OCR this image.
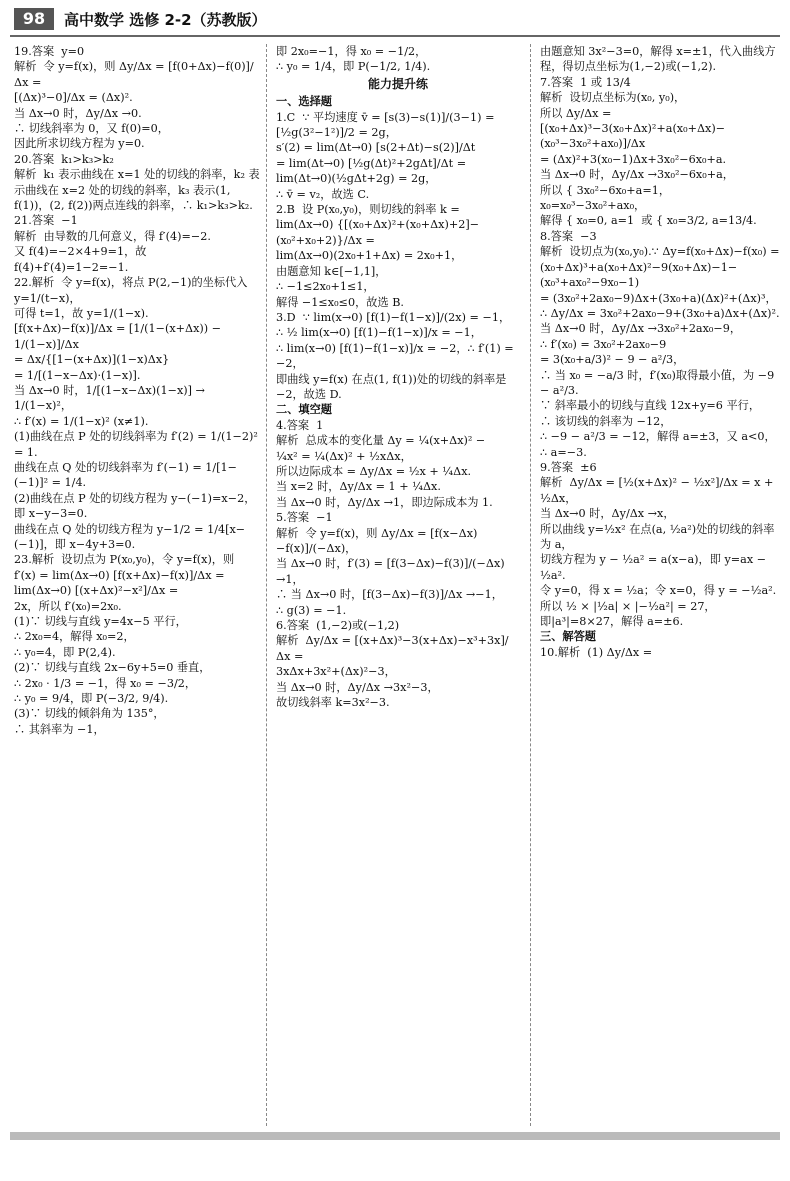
98	高中数学 选修 2-2（苏教版）
19.答案  y=0
解析  令 y=f(x)，则 Δy/Δx = [f(0+Δx)−f(0)]/Δx =
[(Δx)³−0]/Δx = (Δx)².
当 Δx→0 时，Δy/Δx →0.
∴ 切线斜率为 0，又 f(0)=0，
因此所求切线方程为 y=0.
20.答案  k₁>k₃>k₂
解析  k₁ 表示曲线在 x=1 处的切线的斜率，k₂ 表示曲线在 x=2 处的切线的斜率，k₃ 表示(1, f(1))，(2, f(2))两点连线的斜率，∴ k₁>k₃>k₂.
21.答案  −1
解析  由导数的几何意义，得 f′(4)=−2.
又 f(4)=−2×4+9=1，故 f(4)+f′(4)=1−2=−1.
22.解析  令 y=f(x)，将点 P(2,−1)的坐标代入 y=1/(t−x)，
可得 t=1，故 y=1/(1−x).
[f(x+Δx)−f(x)]/Δx = [1/(1−(x+Δx)) − 1/(1−x)]/Δx
= Δx/{[1−(x+Δx)](1−x)Δx}
= 1/[(1−x−Δx)·(1−x)].
当 Δx→0 时，1/[(1−x−Δx)(1−x)] → 1/(1−x)²，
∴ f′(x) = 1/(1−x)² (x≠1).
(1)曲线在点 P 处的切线斜率为 f′(2) = 1/(1−2)² = 1.
曲线在点 Q 处的切线斜率为 f′(−1) = 1/[1−(−1)]² = 1/4.
(2)曲线在点 P 处的切线方程为 y−(−1)=x−2，即 x−y−3=0.
曲线在点 Q 处的切线方程为 y−1/2 = 1/4[x−(−1)]，即 x−4y+3=0.
23.解析  设切点为 P(x₀,y₀)，令 y=f(x)，则
f′(x) = lim(Δx→0) [f(x+Δx)−f(x)]/Δx = lim(Δx→0) [(x+Δx)²−x²]/Δx =
2x，所以 f′(x₀)=2x₀.
(1)∵ 切线与直线 y=4x−5 平行，
∴ 2x₀=4，解得 x₀=2，
∴ y₀=4，即 P(2,4).
(2)∵ 切线与直线 2x−6y+5=0 垂直，
∴ 2x₀ · 1/3 = −1，得 x₀ = −3/2，
∴ y₀ = 9/4，即 P(−3/2, 9/4).
(3)∵ 切线的倾斜角为 135°，
∴ 其斜率为 −1，
即 2x₀=−1，得 x₀ = −1/2，
∴ y₀ = 1/4，即 P(−1/2, 1/4).
能力提升练
一、选择题
1.C  ∵ 平均速度 v̄ = [s(3)−s(1)]/(3−1) =
[½g(3²−1²)]/2 = 2g，
s′(2) = lim(Δt→0) [s(2+Δt)−s(2)]/Δt
= lim(Δt→0) [½g(Δt)²+2gΔt]/Δt = lim(Δt→0)(½gΔt+2g) = 2g，
∴ v̄ = v₂，故选 C.
2.B  设 P(x₀,y₀)，则切线的斜率 k =
lim(Δx→0) {[(x₀+Δx)²+(x₀+Δx)+2]−(x₀²+x₀+2)}/Δx =
lim(Δx→0)(2x₀+1+Δx) = 2x₀+1，
由题意知 k∈[−1,1]，
∴ −1≤2x₀+1≤1，
解得 −1≤x₀≤0，故选 B.
3.D  ∵ lim(x→0) [f(1)−f(1−x)]/(2x) = −1，
∴ ½ lim(x→0) [f(1)−f(1−x)]/x = −1，
∴ lim(x→0) [f(1)−f(1−x)]/x = −2，∴ f′(1) = −2，
即曲线 y=f(x) 在点(1, f(1))处的切线的斜率是 −2，故选 D.
二、填空题
4.答案  1
解析  总成本的变化量 Δy = ¼(x+Δx)² −
¼x² = ¼(Δx)² + ½xΔx，
所以边际成本 = Δy/Δx = ½x + ¼Δx.
当 x=2 时，Δy/Δx = 1 + ¼Δx.
当 Δx→0 时，Δy/Δx →1，即边际成本为 1.
5.答案  −1
解析  令 y=f(x)，则 Δy/Δx = [f(x−Δx)−f(x)]/(−Δx)，
当 Δx→0 时，f′(3) = [f(3−Δx)−f(3)]/(−Δx) →1，
∴ 当 Δx→0 时，[f(3−Δx)−f(3)]/Δx →−1，
∴ g(3) = −1.
6.答案  (1,−2)或(−1,2)
解析  Δy/Δx = [(x+Δx)³−3(x+Δx)−x³+3x]/Δx =
3xΔx+3x²+(Δx)²−3，
当 Δx→0 时，Δy/Δx →3x²−3，
故切线斜率 k=3x²−3.
由题意知 3x²−3=0，解得 x=±1，代入曲线方程，得切点坐标为(1,−2)或(−1,2).
7.答案  1 或 13/4
解析  设切点坐标为(x₀, y₀)，
所以 Δy/Δx =
[(x₀+Δx)³−3(x₀+Δx)²+a(x₀+Δx)−(x₀³−3x₀²+ax₀)]/Δx
= (Δx)²+3(x₀−1)Δx+3x₀²−6x₀+a.
当 Δx→0 时，Δy/Δx →3x₀²−6x₀+a，
所以 { 3x₀²−6x₀+a=1，  x₀=x₀³−3x₀²+ax₀，
解得 { x₀=0, a=1  或 { x₀=3/2, a=13/4.
8.答案  −3
解析  设切点为(x₀,y₀).∵ Δy=f(x₀+Δx)−f(x₀) = (x₀+Δx)³+a(x₀+Δx)²−9(x₀+Δx)−1−(x₀³+ax₀²−9x₀−1)
= (3x₀²+2ax₀−9)Δx+(3x₀+a)(Δx)²+(Δx)³，
∴ Δy/Δx = 3x₀²+2ax₀−9+(3x₀+a)Δx+(Δx)².
当 Δx→0 时，Δy/Δx →3x₀²+2ax₀−9，
∴ f′(x₀) = 3x₀²+2ax₀−9
= 3(x₀+a/3)² − 9 − a²/3，
∴ 当 x₀ = −a/3 时，f′(x₀)取得最小值，为 −9 − a²/3.
∵ 斜率最小的切线与直线 12x+y=6 平行，
∴ 该切线的斜率为 −12，
∴ −9 − a²/3 = −12，解得 a=±3，又 a<0，
∴ a=−3.
9.答案  ±6
解析  Δy/Δx = [½(x+Δx)² − ½x²]/Δx = x + ½Δx，
当 Δx→0 时，Δy/Δx →x，
所以曲线 y=½x² 在点(a, ½a²)处的切线的斜率为 a，
切线方程为 y − ½a² = a(x−a)，即 y=ax − ½a².
令 y=0，得 x = ½a；令 x=0，得 y = −½a².
所以 ½ × |½a| × |−½a²| = 27，即|a³|=8×27，解得 a=±6.
三、解答题
10.解析  (1) Δy/Δx =
